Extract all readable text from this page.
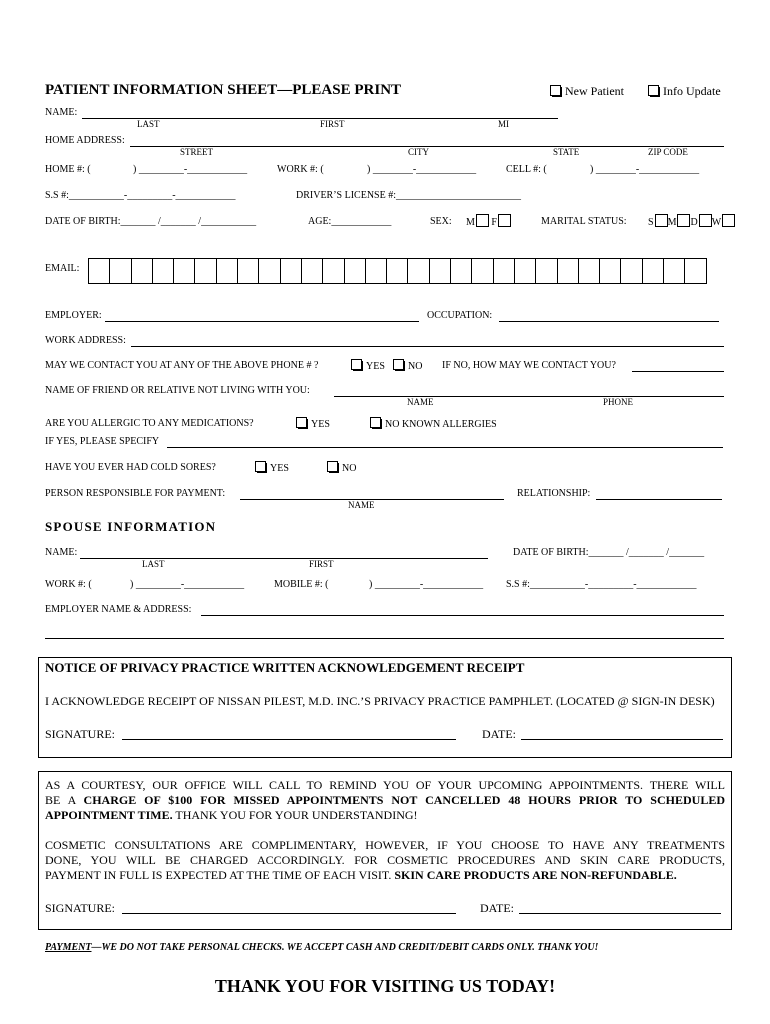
PATIENT INFORMATION SHEET—PLEASE PRINT	New Patient	Info Update
NAME:
LAST	FIRST	MI
HOME ADDRESS:
STREET	CITY	STATE	ZIP CODE
HOME #: (	) _________-____________	WORK #: (	) ________-____________	CELL #: (	) ________-____________
S.S #:___________-_________-____________	DRIVER’S LICENSE #:_________________________
DATE OF BIRTH:_______ /_______ /___________	AGE:____________	SEX: M F	MARITAL STATUS: S M D W
EMAIL:
EMPLOYER:	OCCUPATION:
WORK ADDRESS:
MAY WE CONTACT YOU AT ANY OF THE ABOVE PHONE # ?	YES	NO IF NO, HOW MAY WE CONTACT YOU?
NAME OF FRIEND OR RELATIVE NOT LIVING WITH YOU:
NAME	PHONE
ARE YOU ALLERGIC TO ANY MEDICATIONS?	YES	NO KNOWN ALLERGIES
IF YES, PLEASE SPECIFY
HAVE YOU EVER HAD COLD SORES?	YES	NO
PERSON RESPONSIBLE FOR PAYMENT:
NAME
RELATIONSHIP:
SPOUSE INFORMATION
NAME:
LAST	FIRST
DATE OF BIRTH:_______ /_______ /_______
WORK #: (	) _________-____________	MOBILE #: (	) _________-____________ S.S #:___________-_________-____________
EMPLOYER NAME & ADDRESS:
NOTICE OF PRIVACY PRACTICE WRITTEN ACKNOWLEDGEMENT RECEIPT
I ACKNOWLEDGE RECEIPT OF NISSAN PILEST, M.D. INC.’S PRIVACY PRACTICE PAMPHLET. (LOCATED @ SIGN-IN DESK)
SIGNATURE:	DATE:
AS A COURTESY, OUR OFFICE WILL CALL TO REMIND YOU OF YOUR UPCOMING APPOINTMENTS. THERE WILL
BE A CHARGE OF $100 FOR MISSED APPOINTMENTS NOT CANCELLED 48 HOURS PRIOR TO SCHEDULED
APPOINTMENT TIME. THANK YOU FOR YOUR UNDERSTANDING!
COSMETIC CONSULTATIONS ARE COMPLIMENTARY, HOWEVER, IF YOU CHOOSE TO HAVE ANY TREATMENTS
DONE, YOU WILL BE CHARGED ACCORDINGLY. FOR COSMETIC PROCEDURES AND SKIN CARE PRODUCTS,
PAYMENT IN FULL IS EXPECTED AT THE TIME OF EACH VISIT. SKIN CARE PRODUCTS ARE NON-REFUNDABLE.
SIGNATURE:	DATE:
PAYMENT—WE DO NOT TAKE PERSONAL CHECKS. WE ACCEPT CASH AND CREDIT/DEBIT CARDS ONLY. THANK YOU!
THANK YOU FOR VISITING US TODAY!
